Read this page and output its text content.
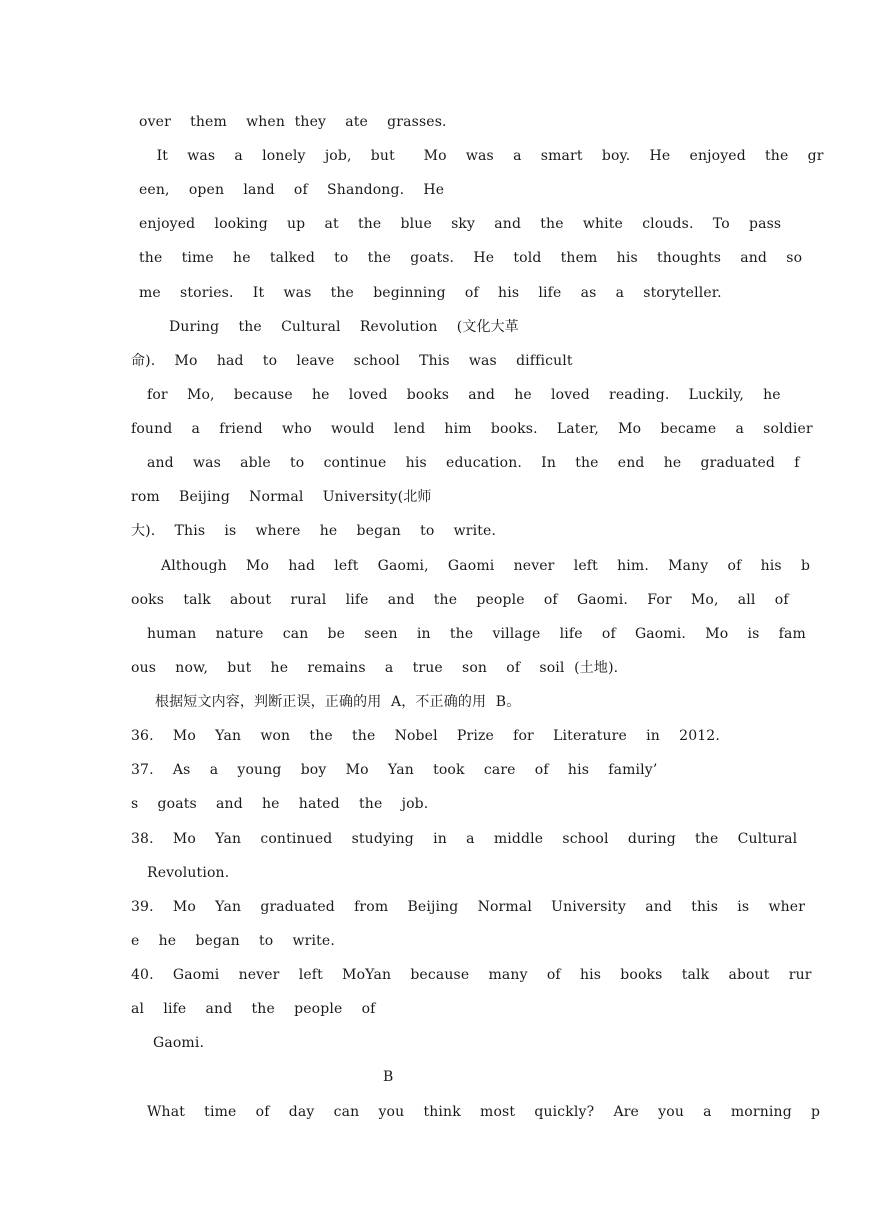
over  them  when they  ate  grasses.
It  was  a  lonely  job,  but   Mo  was  a  smart  boy.  He  enjoyed  the  gr
een,  open  land  of  Shandong.  He
enjoyed  looking  up  at  the  blue  sky  and  the  white  clouds.  To  pass
the  time  he  talked  to  the  goats.  He  told  them  his  thoughts  and  so
me  stories.  It  was  the  beginning  of  his  life  as  a  storyteller.
During  the  Cultural  Revolution  (文化大革
命).  Mo  had  to  leave  school  This  was  difficult
for  Mo,  because  he  loved  books  and  he  loved  reading.  Luckily,  he
found  a  friend  who  would  lend  him  books.  Later,  Mo  became  a  soldier
and  was  able  to  continue  his  education.  In  the  end  he  graduated  f
rom  Beijing  Normal  University(北师
大).  This  is  where  he  began  to  write.
Although  Mo  had  left  Gaomi,  Gaomi  never  left  him.  Many  of  his  b
ooks  talk  about  rural  life  and  the  people  of  Gaomi.  For  Mo,  all  of
human  nature  can  be  seen  in  the  village  life  of  Gaomi.  Mo  is  fam
ous  now,  but  he  remains  a  true  son  of  soil (土地).
根据短文内容，判断正误，正确的用 A，不正确的用 B。
36.  Mo  Yan  won  the  the  Nobel  Prize  for  Literature  in  2012.
37.  As  a  young  boy  Mo  Yan  took  care  of  his  family’
s  goats  and  he  hated  the  job.
38.  Mo  Yan  continued  studying  in  a  middle  school  during  the  Cultural
Revolution.
39.  Mo  Yan  graduated  from  Beijing  Normal  University  and  this  is  wher
e  he  began  to  write.
40.  Gaomi  never  left  MoYan  because  many  of  his  books  talk  about  rur
al  life  and  the  people  of
Gaomi.
B
What  time  of  day  can  you  think  most  quickly?  Are  you  a  morning  p
